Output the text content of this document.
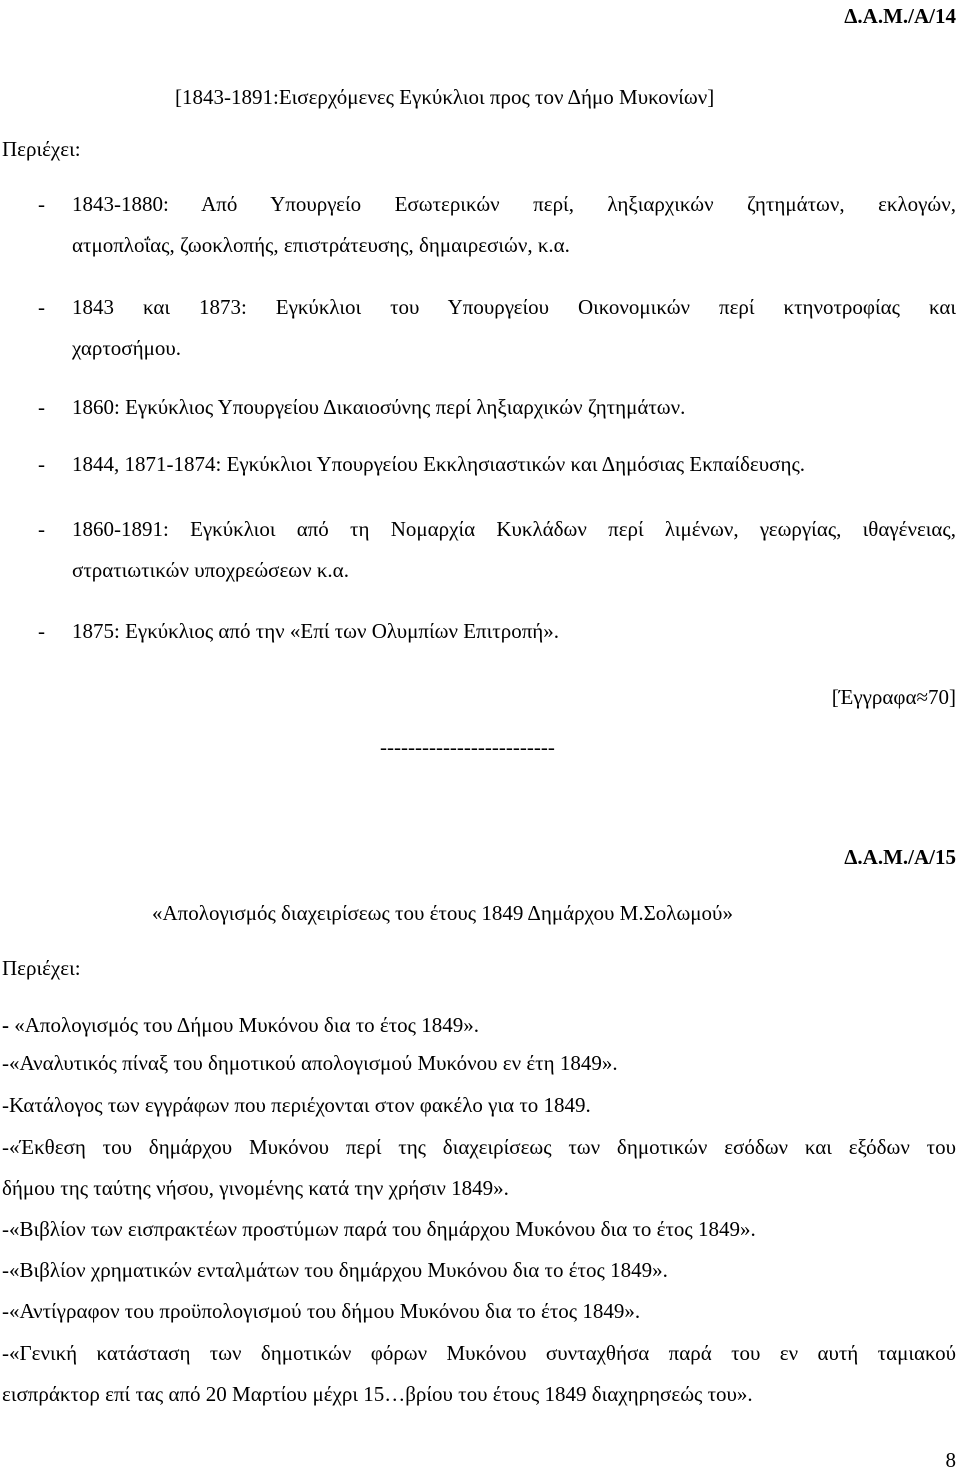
Δ.Α.Μ./Α/14

[1843-1891:Εισερχόμενες Εγκύκλιοι προς τον Δήμο Μυκονίων]

Περιέχει:

- 1843-1880: Από Υπουργείο Εσωτερικών περί, ληξιαρχικών ζητημάτων, εκλογών,

ατμοπλοΐας, ζωοκλοπής, επιστράτευσης, δημαιρεσιών, κ.α.

- 1843 και 1873: Εγκύκλιοι του Υπουργείου Οικονομικών περί κτηνοτροφίας και

χαρτοσήμου.

- 1860: Εγκύκλιος Υπουργείου Δικαιοσύνης περί ληξιαρχικών ζητημάτων.
- 1844, 1871-1874: Εγκύκλιοι Υπουργείου Εκκλησιαστικών και Δημόσιας Εκπαίδευσης.
- 1860-1891: Εγκύκλιοι από τη Νομαρχία Κυκλάδων περί λιμένων, γεωργίας, ιθαγένειας,

στρατιωτικών υποχρεώσεων κ.α.

- 1875: Εγκύκλιος από την «Επί των Ολυμπίων Επιτροπή».

[Έγγραφα≈70]

-------------------------

Δ.Α.Μ./Α/15

«Απολογισμός διαχειρίσεως του έτους 1849 Δημάρχου Μ.Σολωμού»

Περιέχει:

- «Απολογισμός του Δήμου Μυκόνου δια το έτος 1849».

-«Αναλυτικός πίναξ του δημοτικού απολογισμού Μυκόνου εν έτη 1849».

-Κατάλογος των εγγράφων που περιέχονται στον φακέλο για το 1849.

-«Έκθεση του δημάρχου Μυκόνου περί της διαχειρίσεως των δημοτικών εσόδων και εξόδων του

δήμου της ταύτης νήσου, γινομένης κατά την χρήσιν 1849».

-«Βιβλίον των εισπρακτέων προστύμων παρά του δημάρχου Μυκόνου δια το έτος 1849».

-«Βιβλίον χρηματικών ενταλμάτων του δημάρχου Μυκόνου δια το έτος 1849».

-«Αντίγραφον του προϋπολογισμού του δήμου Μυκόνου δια το έτος 1849».

-«Γενική κατάσταση των δημοτικών φόρων Μυκόνου συνταχθήσα παρά του εν αυτή ταμιακού

εισπράκτορ επί τας από 20 Μαρτίου μέχρι 15…βρίου του έτους 1849 διαχηρησεώς του».

8
